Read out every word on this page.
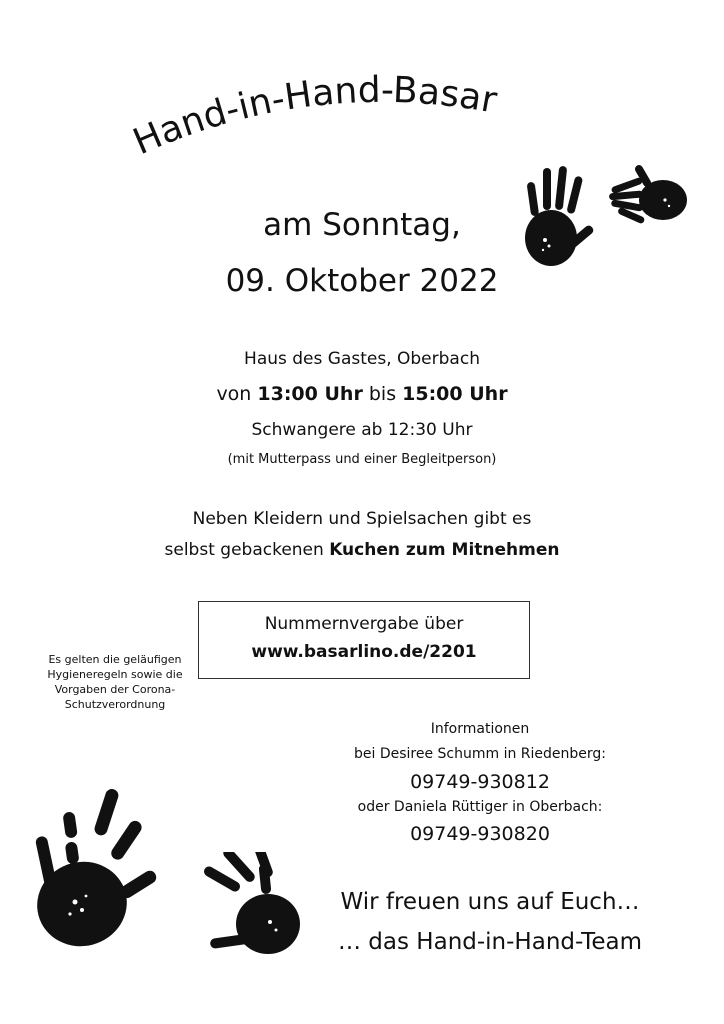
Hand-in-Hand-Basar
am Sonntag,
09. Oktober 2022
Haus des Gastes, Oberbach
von 13:00 Uhr bis 15:00 Uhr
Schwangere ab 12:30 Uhr
(mit Mutterpass und einer Begleitperson)
Neben Kleidern und Spielsachen gibt es
selbst gebackenen Kuchen zum Mitnehmen
Nummernvergabe über
www.basarlino.de/2201
Es gelten die geläufigen
Hygieneregeln sowie die
Vorgaben der Corona-
Schutzverordnung
Informationen
bei Desiree Schumm in Riedenberg:
09749-930812
oder Daniela Rüttiger in Oberbach:
09749-930820
Wir freuen uns auf Euch…
… das Hand-in-Hand-Team
